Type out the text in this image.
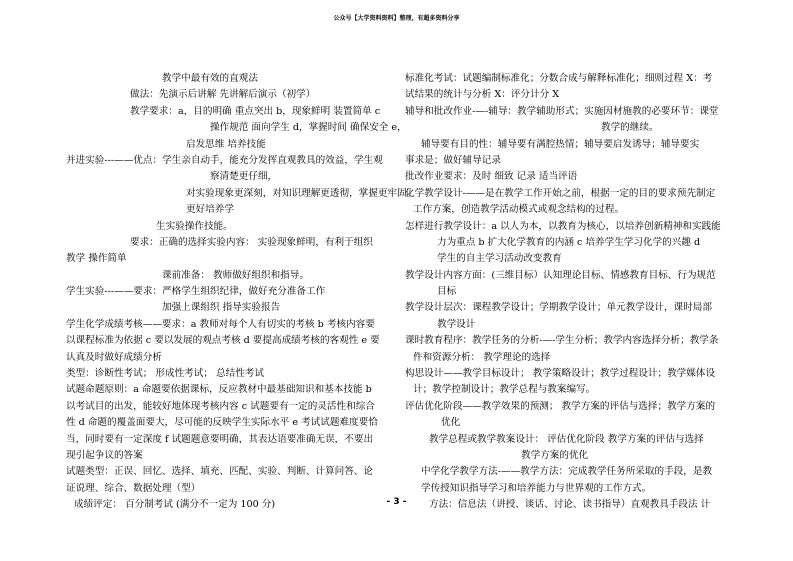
公众号【大学资料资料】整理，有超多资料分享
教学中最有效的直观法
做法：先演示后讲解 先讲解后演示（初学）
教学要求：a，目的明确 重点突出 b，现象鲜明 装置简单 c
操作规范 面向学生 d，掌握时间 确保安全 e，
启发思维 培养技能
并进实验---——优点：学生亲自动手，能充分发挥直观教具的效益，学生观
察清楚更仔细，
对实验现象更深刻，对知识理解更透彻，掌握更牢固。
更好培养学
生实验操作技能。
要求：正确的选择实验内容： 实验现象鲜明，有利于组织
教学 操作简单
课前准备： 教师做好组织和指导。
学生实验---——要求：严格学生组织纪律，做好充分准备工作
加强上课组织 指导实验报告
学生化学成绩考核——要求：a 教师对每个人有切实的考核 b 考核内容要
以课程标准为依据 c 要以发展的观点考核 d 要提高成绩考核的客观性 e 要
认真及时做好成绩分析
类型：诊断性考试； 形成性考试； 总结性考试
试题命题原则：a 命题要依据课标，反应教材中最基础知识和基本技能 b
以考试目的出发，能较好地体现考核内容 c 试题要有一定的灵活性和综合
性 d 命题的覆盖面要大，尽可能的反映学生实际水平 e 考试试题难度要恰
当，同时要有一定深度 f 试题题意要明确，其表达语要准确无误，不要出
现引起争议的答案
试题类型：正误、回忆、选择、填充、匹配、实验、判断、计算问答、论
证说理、综合、数据处理（型）
成绩评定： 百分制考试 (满分不一定为 100 分)
标准化考试：试题编制标准化；分数合成与解释标准化；细则过程 X：考
试结果的统计与分析 X：评分计分 X
辅导和批改作业-—-辅导：教学辅助形式；实施因材施教的必要环节：课堂
教学的继续。
辅导要有目的性：辅导要有满腔热情；辅导要启发诱导；辅导要实
事求是；做好辅导记录
批改作业要求：及时 细致 记录 适当评语
化学教学设计-——是在教学工作开始之前，根据一定的目的要求预先制定
工作方案，创造教学活动模式或观念结构的过程。
怎样进行教学设计：a 以人为本，以教育为核心，以培养创新精神和实践能
力为重点 b 扩大化学教育的内涵 c 培养学生学习化学的兴趣 d
学生的自主学习活动改变教育
教学设计内容方面：(三维目标）认知理论目标、情感教育目标、行为规范
目标
教学设计层次：课程教学设计；学期教学设计；单元教学设计，课时局部
教学设计
课时教育程序：教学任务的分析-—-学生分析；教学内容选择分析；教学条
件和资源分析： 教学理论的选择
构思设计——教学目标设计； 教学策略设计；教学过程设计；教学媒体设
计；教学控制设计；教学总程与教案编写。
评估优化阶段——教学效果的预测； 教学方案的评估与选择；教学方案的
优化
教学总程或教学教案设计： 评估优化阶段 教学方案的评估与选择
教学方案的优化
中学化学教学方法-——教学方法：完成教学任务所采取的手段，是教
学传授知识指导学习和培养能力与世界观的工作方式。
方法：信息法（讲授、谈话、讨论、读书指导）直观教具手段法 计
- 3 -
